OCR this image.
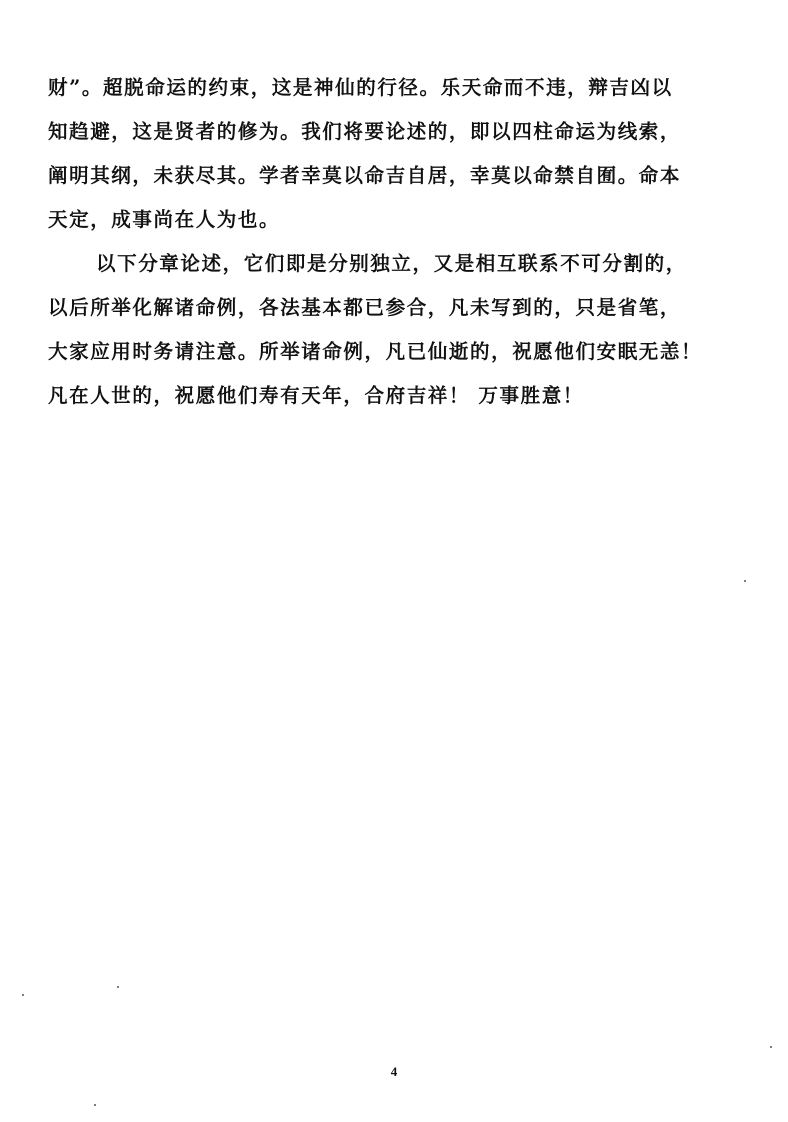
财”。超脱命运的约束，这是神仙的行径。乐天命而不违，辩吉凶以
知趋避，这是贤者的修为。我们将要论述的，即以四柱命运为线索，
阐明其纲，未获尽其。学者幸莫以命吉自居，幸莫以命禁自囿。命本
天定，成事尚在人为也。

以下分章论述，它们即是分别独立，又是相互联系不可分割的，
以后所举化解诸命例，各法基本都已参合，凡未写到的，只是省笔，
大家应用时务请注意。所举诸命例，凡已仙逝的，祝愿他们安眠无恙！
凡在人世的，祝愿他们寿有天年，合府吉祥！ 万事胜意！

4
